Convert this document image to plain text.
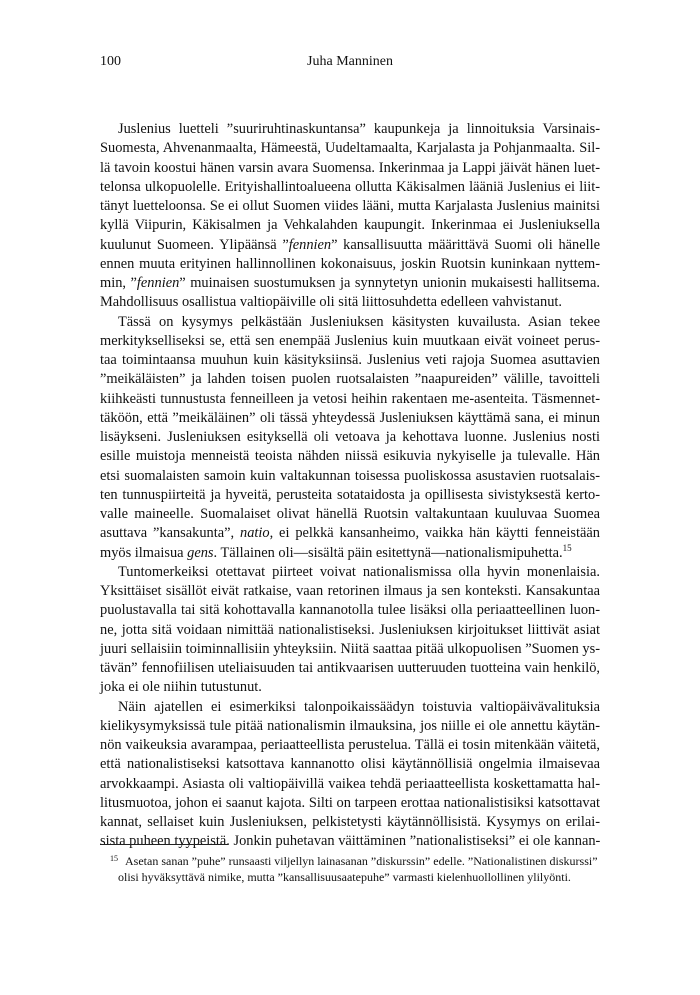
100	Juha Manninen
Juslenius luetteli ”suuriruhtinaskuntansa” kaupunkeja ja linnoituksia Varsinais-
Suomesta, Ahvenanmaalta, Hämeestä, Uudeltamaalta, Karjalasta ja Pohjanmaalta. Sil-
lä tavoin koostui hänen varsin avara Suomensa. Inkerinmaa ja Lappi jäivät hänen luet-
telonsa ulkopuolelle. Erityishallintoalueena ollutta Käkisalmen lääniä Juslenius ei liit-
tänyt luetteloonsa. Se ei ollut Suomen viides lääni, mutta Karjalasta Juslenius mainitsi
kyllä Viipurin, Käkisalmen ja Vehkalahden kaupungit. Inkerinmaa ei Jusleniuksella
kuulunut Suomeen. Ylipäänsä ”fennien” kansallisuutta määrittävä Suomi oli hänelle
ennen muuta erityinen hallinnollinen kokonaisuus, joskin Ruotsin kuninkaan nyttem-
min, ”fennien” muinaisen suostumuksen ja synnytetyn unionin mukaisesti hallitsema.
Mahdollisuus osallistua valtiopäiville oli sitä liittosuhdetta edelleen vahvistanut.
Tässä on kysymys pelkästään Jusleniuksen käsitysten kuvailusta. Asian tekee
merkitykselliseksi se, että sen enempää Juslenius kuin muutkaan eivät voineet perus-
taa toimintaansa muuhun kuin käsityksiinsä. Juslenius veti rajoja Suomea asuttavien
”meikäläisten” ja lahden toisen puolen ruotsalaisten ”naapureiden” välille, tavoitteli
kiihkeästi tunnustusta fenneilleen ja vetosi heihin rakentaen me-asenteita. Täsmennet-
täköön, että ”meikäläinen” oli tässä yhteydessä Jusleniuksen käyttämä sana, ei minun
lisäykseni. Jusleniuksen esityksellä oli vetoava ja kehottava luonne. Juslenius nosti
esille muistoja menneistä teoista nähden niissä esikuvia nykyiselle ja tulevalle. Hän
etsi suomalaisten samoin kuin valtakunnan toisessa puoliskossa asustavien ruotsalais-
ten tunnuspiirteitä ja hyveitä, perusteita sotataidosta ja opillisesta sivistyksestä kerto-
valle maineelle. Suomalaiset olivat hänellä Ruotsin valtakuntaan kuuluvaa Suomea
asuttava ”kansakunta”, natio, ei pelkkä kansanheimo, vaikka hän käytti fenneistään
myös ilmaisua gens. Tällainen oli—sisältä päin esitettynä—nationalismipuhetta.$^{15}$
Tuntomerkeiksi otettavat piirteet voivat nationalismissa olla hyvin monenlaisia.
Yksittäiset sisällöt eivät ratkaise, vaan retorinen ilmaus ja sen konteksti. Kansakuntaa
puolustavalla tai sitä kohottavalla kannanotolla tulee lisäksi olla periaatteellinen luon-
ne, jotta sitä voidaan nimittää nationalistiseksi. Jusleniuksen kirjoitukset liittivät asiat
juuri sellaisiin toiminnallisiin yhteyksiin. Niitä saattaa pitää ulkopuolisen ”Suomen ys-
tävän” fennofiilisen uteliaisuuden tai antikvaarisen uutteruuden tuotteina vain henkilö,
joka ei ole niihin tutustunut.
Näin ajatellen ei esimerkiksi talonpoikaissäädyn toistuvia valtiopäivävalituksia
kielikysymyksissä tule pitää nationalismin ilmauksina, jos niille ei ole annettu käytän-
nön vaikeuksia avarampaa, periaatteellista perustelua. Tällä ei tosin mitenkään väitetä,
että nationalistiseksi katsottava kannanotto olisi käytännöllisiä ongelmia ilmaisevaa
arvokkaampi. Asiasta oli valtiopäivillä vaikea tehdä periaatteellista koskettamatta hal-
litusmuotoa, johon ei saanut kajota. Silti on tarpeen erottaa nationalistisiksi katsottavat
kannat, sellaiset kuin Jusleniuksen, pelkistetysti käytännöllisistä. Kysymys on erilai-
sista puheen tyypeistä. Jonkin puhetavan väittäminen ”nationalistiseksi” ei ole kannan-
$^{15}$ Asetan sanan ”puhe” runsaasti viljellyn lainasanan ”diskurssin” edelle. ”Nationalistinen diskurssi”
olisi hyväksyttävä nimike, mutta ”kansallisuusaatepuhe” varmasti kielenhuollollinen ylilyönti.
